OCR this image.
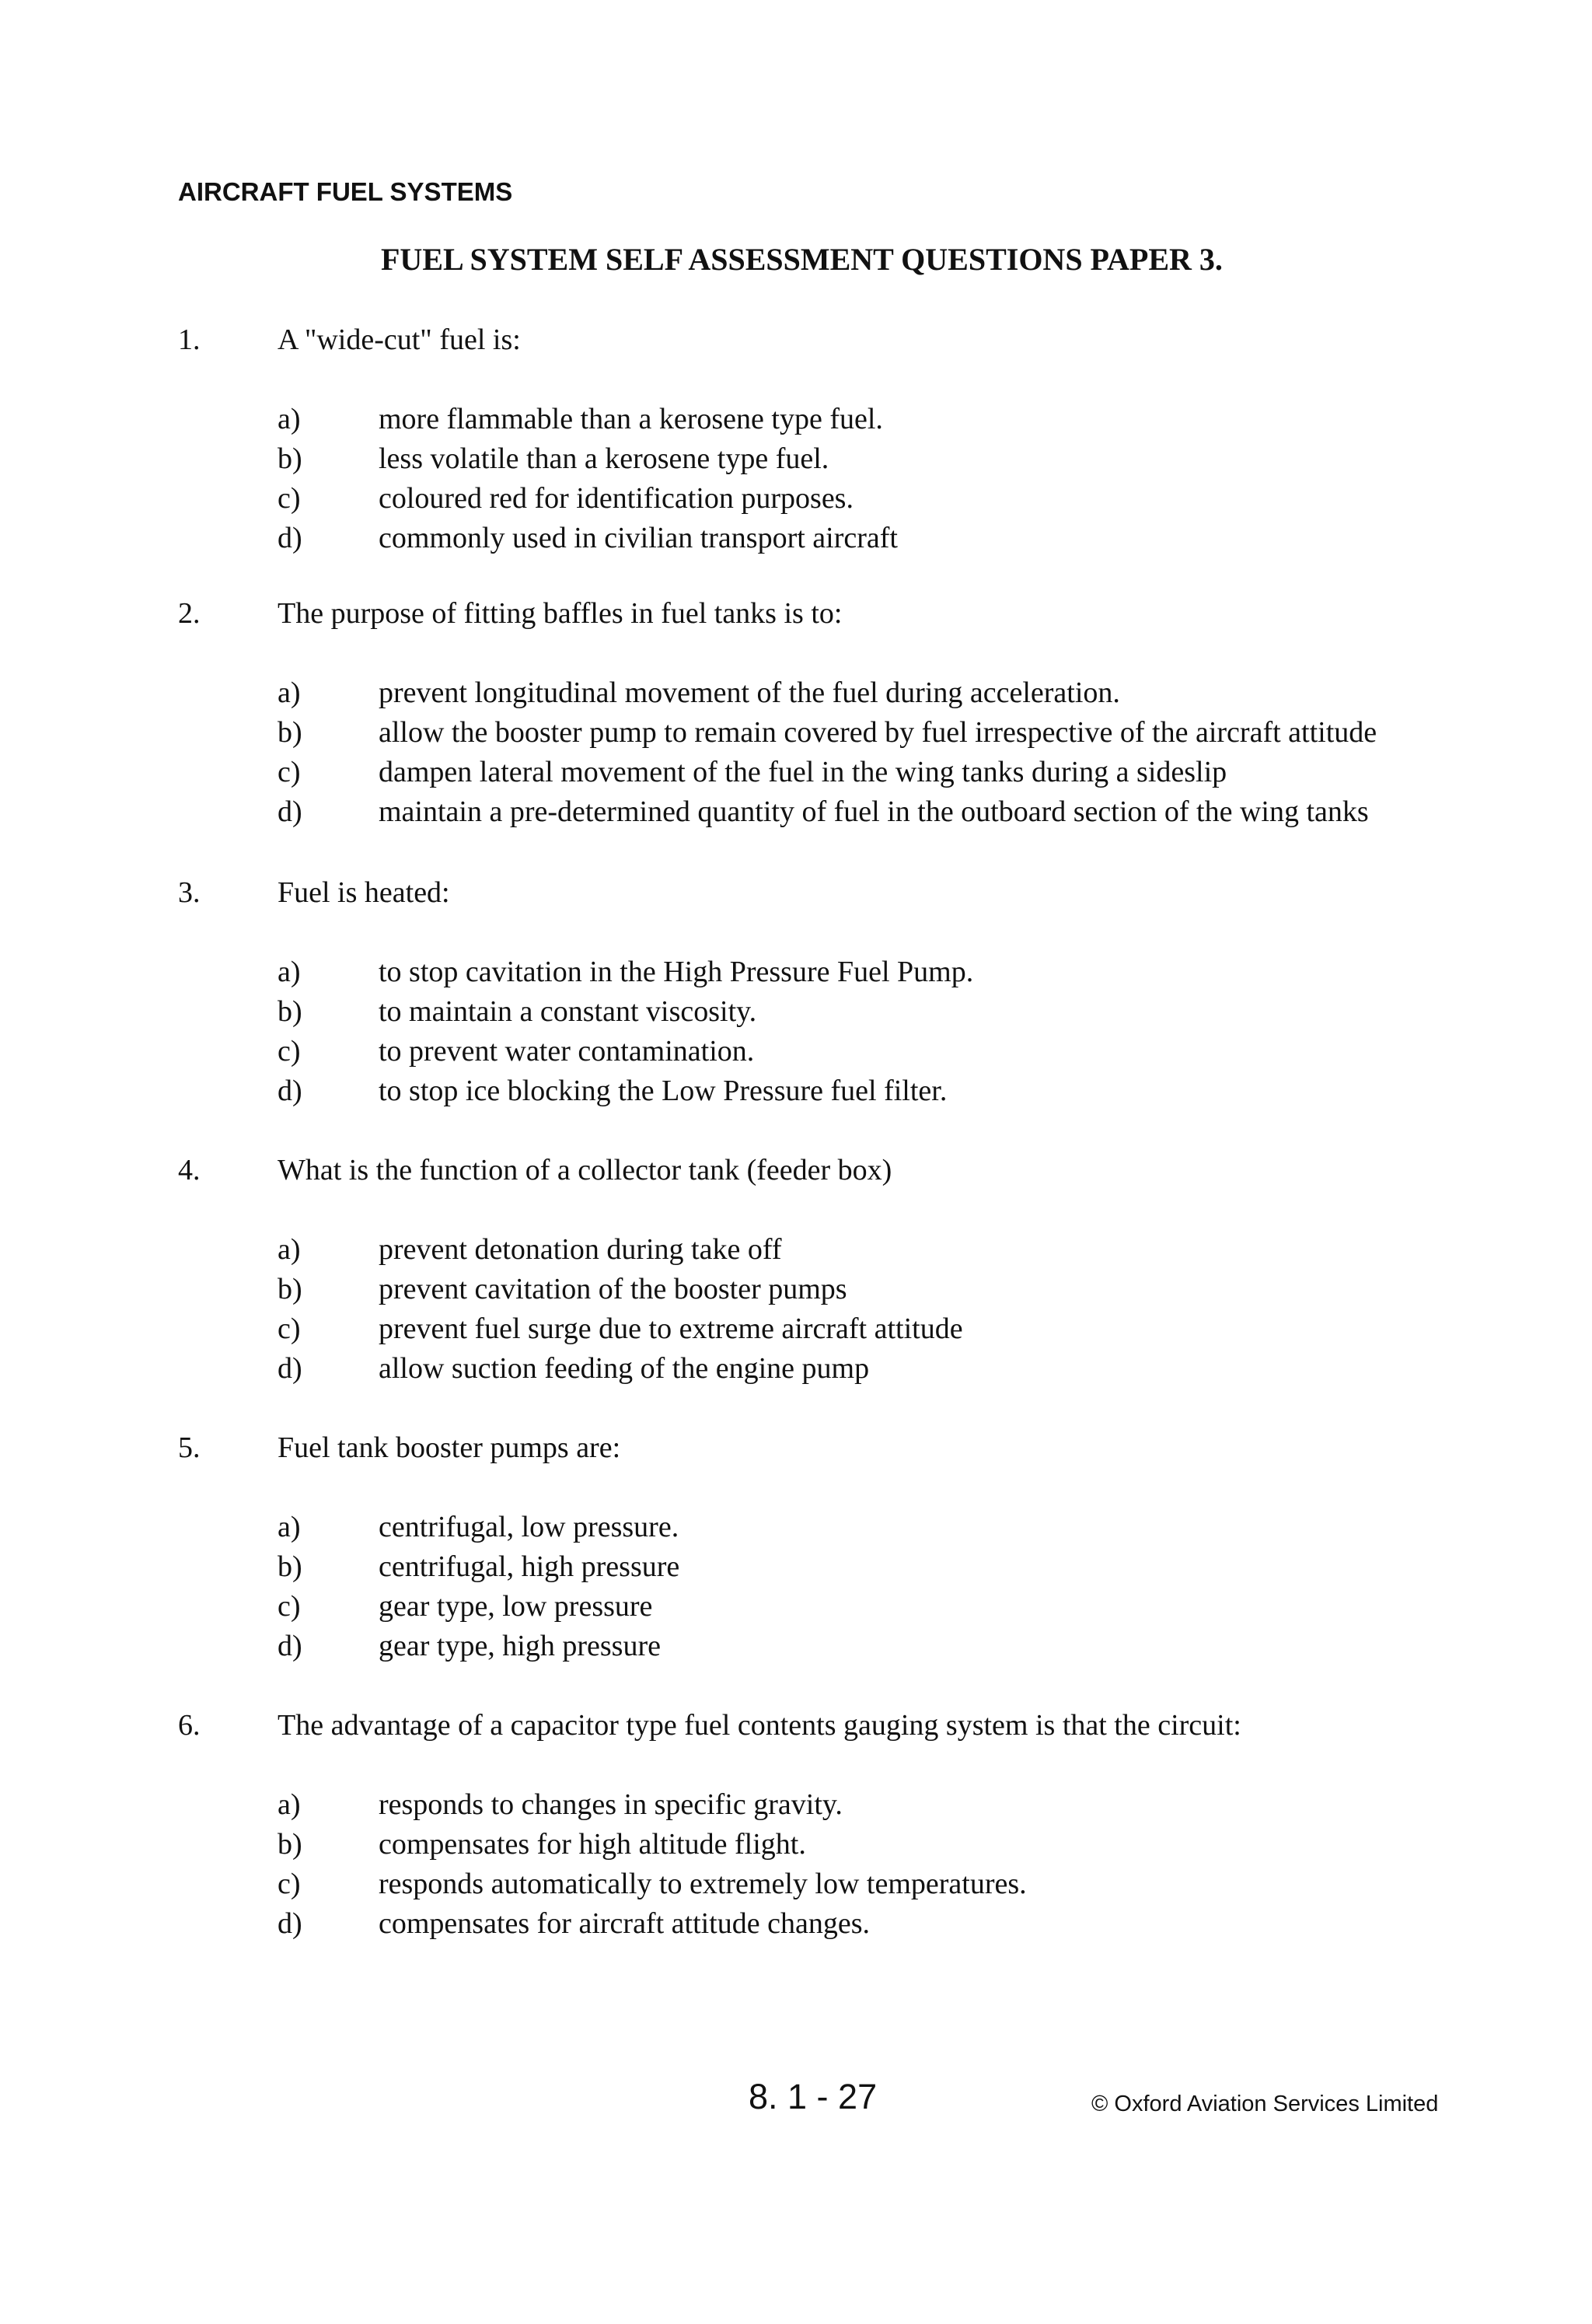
AIRCRAFT FUEL SYSTEMS
FUEL SYSTEM SELF ASSESSMENT QUESTIONS PAPER 3.
1.	A "wide-cut" fuel is:
a)	more flammable than a kerosene type fuel.
b)	less volatile than a kerosene type fuel.
c)	coloured red for identification purposes.
d)	commonly used in civilian transport aircraft
2.	The purpose of fitting baffles in fuel tanks is to:
a)	prevent longitudinal movement of the fuel during acceleration.
b)	allow the booster pump to remain covered by fuel irrespective of the aircraft attitude
c)	dampen lateral movement of the fuel in the wing tanks during a sideslip
d)	maintain a pre-determined quantity of fuel in the outboard section of the wing tanks
3.	Fuel is heated:
a)	to stop cavitation in the High Pressure Fuel Pump.
b)	to maintain a constant viscosity.
c)	to prevent water contamination.
d)	to stop ice blocking the Low Pressure fuel filter.
4.	What is the function of a collector tank (feeder box)
a)	prevent detonation during take off
b)	prevent cavitation of the booster pumps
c)	prevent fuel surge due to extreme aircraft attitude
d)	allow suction feeding of the engine pump
5.	Fuel tank booster pumps are:
a)	centrifugal, low pressure.
b)	centrifugal, high pressure
c)	gear type, low pressure
d)	gear type, high pressure
6.	The advantage of a capacitor type fuel contents gauging system is that the circuit:
a)	responds to changes in specific gravity.
b)	compensates for high altitude flight.
c)	responds automatically to extremely low temperatures.
d)	compensates for aircraft attitude changes.
8. 1 - 27	© Oxford Aviation Services Limited
